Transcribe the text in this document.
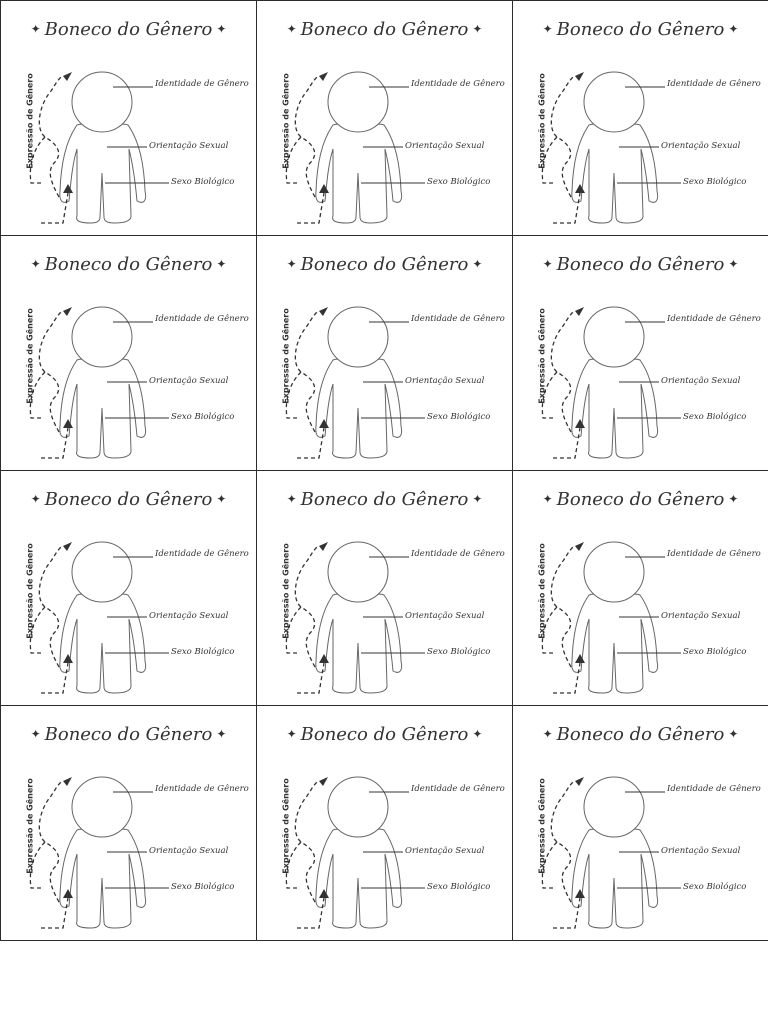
✦ Boneco do Gênero ✦
Identidade de Gênero
Orientação Sexual
Sexo Biológico
Expressão de Gênero
✦ Boneco do Gênero ✦
Identidade de Gênero
Orientação Sexual
Sexo Biológico
Expressão de Gênero
✦ Boneco do Gênero ✦
Identidade de Gênero
Orientação Sexual
Sexo Biológico
Expressão de Gênero
✦ Boneco do Gênero ✦
Identidade de Gênero
Orientação Sexual
Sexo Biológico
Expressão de Gênero
✦ Boneco do Gênero ✦
Identidade de Gênero
Orientação Sexual
Sexo Biológico
Expressão de Gênero
✦ Boneco do Gênero ✦
Identidade de Gênero
Orientação Sexual
Sexo Biológico
Expressão de Gênero
✦ Boneco do Gênero ✦
Identidade de Gênero
Orientação Sexual
Sexo Biológico
Expressão de Gênero
✦ Boneco do Gênero ✦
Identidade de Gênero
Orientação Sexual
Sexo Biológico
Expressão de Gênero
✦ Boneco do Gênero ✦
Identidade de Gênero
Orientação Sexual
Sexo Biológico
Expressão de Gênero
✦ Boneco do Gênero ✦
Identidade de Gênero
Orientação Sexual
Sexo Biológico
Expressão de Gênero
✦ Boneco do Gênero ✦
Identidade de Gênero
Orientação Sexual
Sexo Biológico
Expressão de Gênero
✦ Boneco do Gênero ✦
Identidade de Gênero
Orientação Sexual
Sexo Biológico
Expressão de Gênero
